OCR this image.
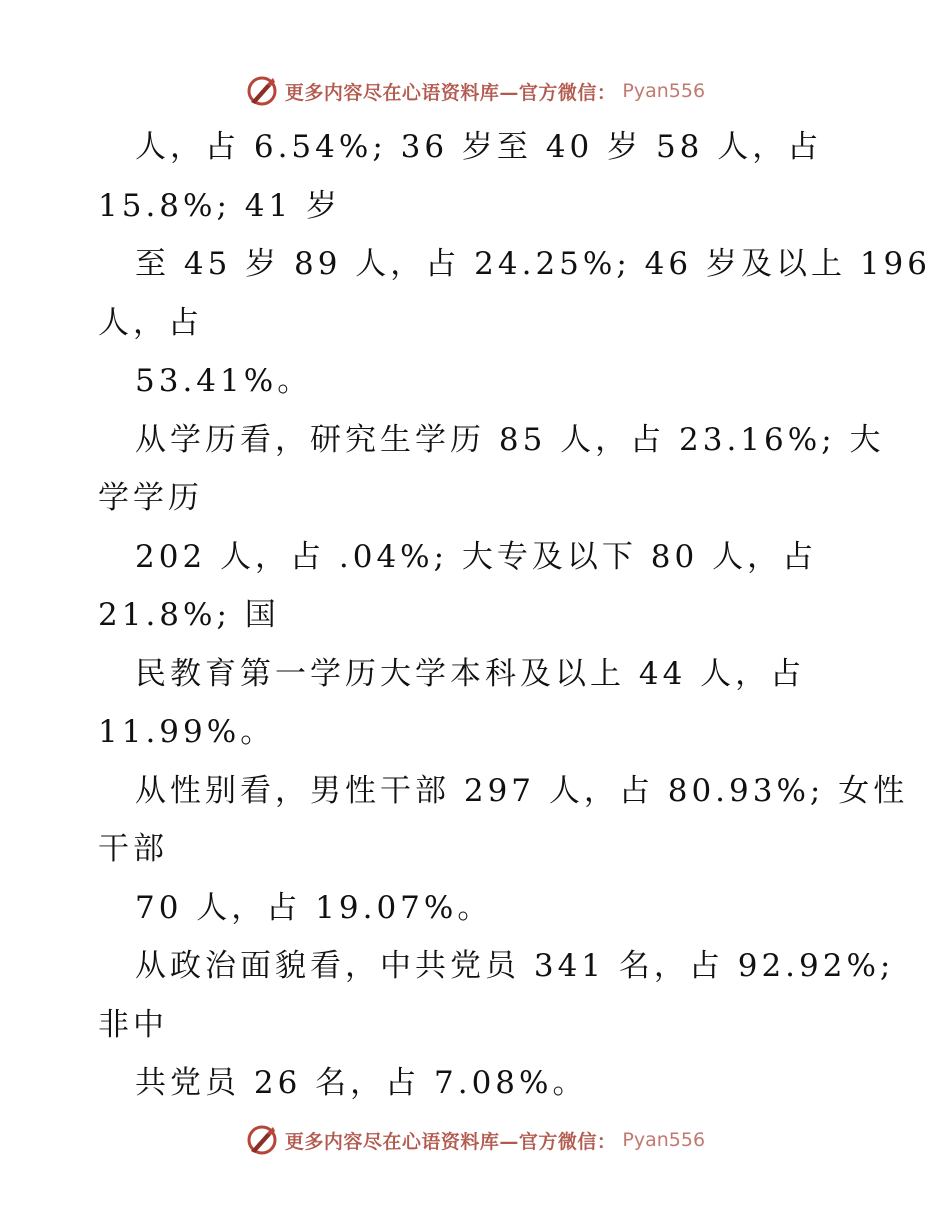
更多内容尽在心语资料库—官方微信： Pyan556
人，占 6.54%; 36 岁至 40 岁 58 人，占
15.8%; 41 岁
至 45 岁 89 人，占 24.25%; 46 岁及以上 196
人，占
53.41%。
从学历看，研究生学历 85 人，占 23.16%; 大
学学历
202 人，占 .04%; 大专及以下 80 人，占
21.8%; 国
民教育第一学历大学本科及以上 44 人，占
11.99%。
从性别看，男性干部 297 人，占 80.93%; 女性
干部
70 人，占 19.07%。
从政治面貌看，中共党员 341 名，占 92.92%;
非中
共党员 26 名，占 7.08%。
更多内容尽在心语资料库—官方微信： Pyan556
